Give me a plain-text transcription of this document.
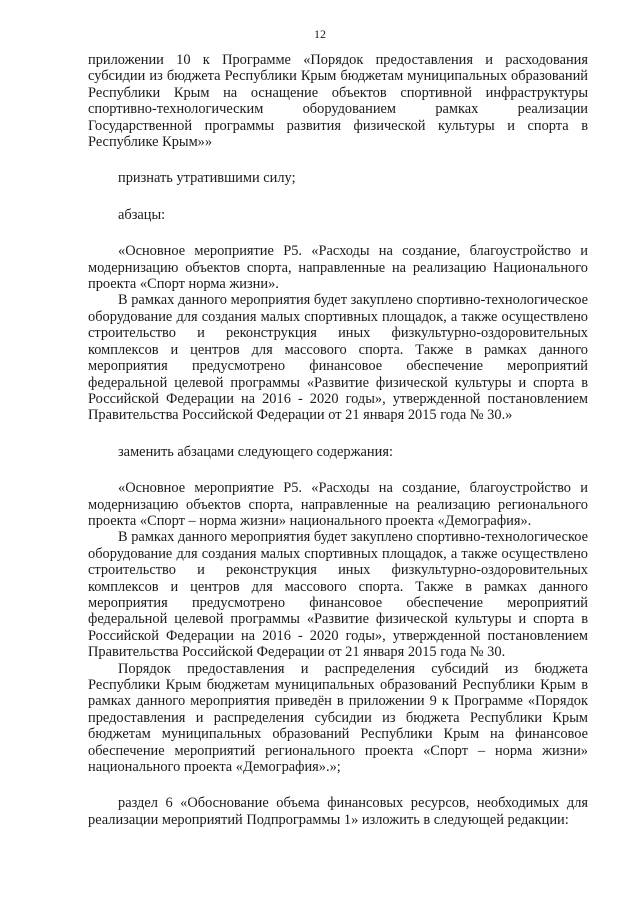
12

приложении 10 к Программе «Порядок предоставления и расходования субсидии из бюджета Республики Крым бюджетам муниципальных образований Республики Крым на оснащение объектов спортивной инфраструктуры спортивно-технологическим оборудованием рамках реализации Государственной программы развития физической культуры и спорта в Республике Крым»»

признать утратившими силу;

абзацы:

«Основное мероприятие Р5. «Расходы на создание, благоустройство и модернизацию объектов спорта, направленные на реализацию Национального проекта «Спорт норма жизни».

В рамках данного мероприятия будет закуплено спортивно-технологическое оборудование для создания малых спортивных площадок, а также осуществлено строительство и реконструкция иных физкультурно-оздоровительных комплексов и центров для массового спорта. Также в рамках данного мероприятия предусмотрено финансовое обеспечение мероприятий федеральной целевой программы «Развитие физической культуры и спорта в Российской Федерации на 2016 - 2020 годы», утвержденной постановлением Правительства Российской Федерации от 21 января 2015 года № 30.»

заменить абзацами следующего содержания:

«Основное мероприятие Р5. «Расходы на создание, благоустройство и модернизацию объектов спорта, направленные на реализацию регионального проекта «Спорт – норма жизни» национального проекта «Демография».

В рамках данного мероприятия будет закуплено спортивно-технологическое оборудование для создания малых спортивных площадок, а также осуществлено строительство и реконструкция иных физкультурно-оздоровительных комплексов и центров для массового спорта. Также в рамках данного мероприятия предусмотрено финансовое обеспечение мероприятий федеральной целевой программы «Развитие физической культуры и спорта в Российской Федерации на 2016 - 2020 годы», утвержденной постановлением Правительства Российской Федерации от 21 января 2015 года № 30.

Порядок предоставления и распределения субсидий из бюджета Республики Крым бюджетам муниципальных образований Республики Крым в рамках данного мероприятия приведён в приложении 9 к Программе «Порядок предоставления и распределения субсидии из бюджета Республики Крым бюджетам муниципальных образований Республики Крым на финансовое обеспечение мероприятий регионального проекта «Спорт – норма жизни» национального проекта «Демография».»;

раздел 6 «Обоснование объема финансовых ресурсов, необходимых для реализации мероприятий Подпрограммы 1» изложить в следующей редакции:
